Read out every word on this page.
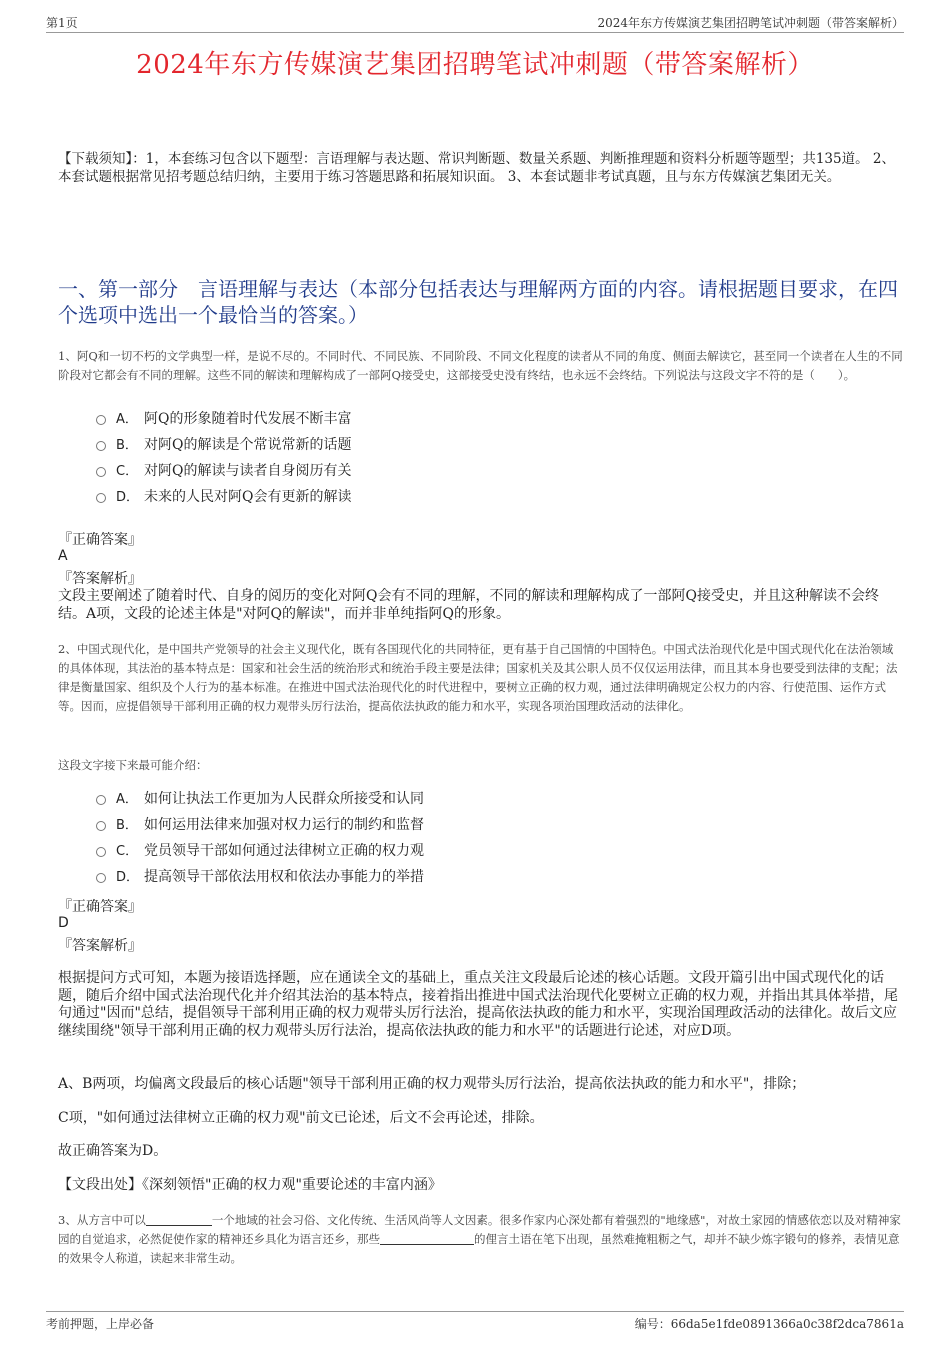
第1页	2024年东方传媒演艺集团招聘笔试冲刺题（带答案解析）
2024年东方传媒演艺集团招聘笔试冲刺题（带答案解析）
【下载须知】：1，本套练习包含以下题型：言语理解与表达题、常识判断题、数量关系题、判断推理题和资料分析题等题型；共135道。 2、本套试题根据常见招考题总结归纳，主要用于练习答题思路和拓展知识面。 3、本套试题非考试真题，且与东方传媒演艺集团无关。
一、第一部分　言语理解与表达（本部分包括表达与理解两方面的内容。请根据题目要求，在四个选项中选出一个最恰当的答案。）
1、阿Q和一切不朽的文学典型一样，是说不尽的。不同时代、不同民族、不同阶段、不同文化程度的读者从不同的角度、侧面去解读它，甚至同一个读者在人生的不同阶段对它都会有不同的理解。这些不同的解读和理解构成了一部阿Q接受史，这部接受史没有终结，也永远不会终结。下列说法与这段文字不符的是（　　）。
A． 阿Q的形象随着时代发展不断丰富
B． 对阿Q的解读是个常说常新的话题
C． 对阿Q的解读与读者自身阅历有关
D． 未来的人民对阿Q会有更新的解读
『正确答案』
A
『答案解析』
文段主要阐述了随着时代、自身的阅历的变化对阿Q会有不同的理解，不同的解读和理解构成了一部阿Q接受史，并且这种解读不会终结。A项，文段的论述主体是"对阿Q的解读"，而并非单纯指阿Q的形象。
2、中国式现代化，是中国共产党领导的社会主义现代化，既有各国现代化的共同特征，更有基于自己国情的中国特色。中国式法治现代化是中国式现代化在法治领域的具体体现，其法治的基本特点是：国家和社会生活的统治形式和统治手段主要是法律；国家机关及其公职人员不仅仅运用法律，而且其本身也要受到法律的支配；法律是衡量国家、组织及个人行为的基本标准。在推进中国式法治现代化的时代进程中，要树立正确的权力观，通过法律明确规定公权力的内容、行使范围、运作方式等。因而，应提倡领导干部利用正确的权力观带头厉行法治，提高依法执政的能力和水平，实现各项治国理政活动的法律化。
这段文字接下来最可能介绍：
A． 如何让执法工作更加为人民群众所接受和认同
B． 如何运用法律来加强对权力运行的制约和监督
C． 党员领导干部如何通过法律树立正确的权力观
D． 提高领导干部依法用权和依法办事能力的举措
『正确答案』
D
『答案解析』
根据提问方式可知，本题为接语选择题，应在通读全文的基础上，重点关注文段最后论述的核心话题。文段开篇引出中国式现代化的话题，随后介绍中国式法治现代化并介绍其法治的基本特点，接着指出推进中国式法治现代化要树立正确的权力观，并指出其具体举措，尾句通过"因而"总结，提倡领导干部利用正确的权力观带头厉行法治，提高依法执政的能力和水平，实现治国理政活动的法律化。故后文应继续围绕"领导干部利用正确的权力观带头厉行法治，提高依法执政的能力和水平"的话题进行论述，对应D项。
A、B两项，均偏离文段最后的核心话题"领导干部利用正确的权力观带头厉行法治，提高依法执政的能力和水平"，排除；
C项，"如何通过法律树立正确的权力观"前文已论述，后文不会再论述，排除。
故正确答案为D。
【文段出处】《深刻领悟"正确的权力观"重要论述的丰富内涵》
3、从方言中可以	一个地域的社会习俗、文化传统、生活风尚等人文因素。很多作家内心深处都有着强烈的"地缘感"，对故土家园的情感依恋以及对精神家园的自觉追求，必然促使作家的精神还乡具化为语言还乡，那些	的俚言土语在笔下出现，虽然难掩粗粝之气，却并不缺少炼字锻句的修养，表情见意的效果令人称道，读起来非常生动。
考前押题，上岸必备	编号：66da5e1fde0891366a0c38f2dca7861a
